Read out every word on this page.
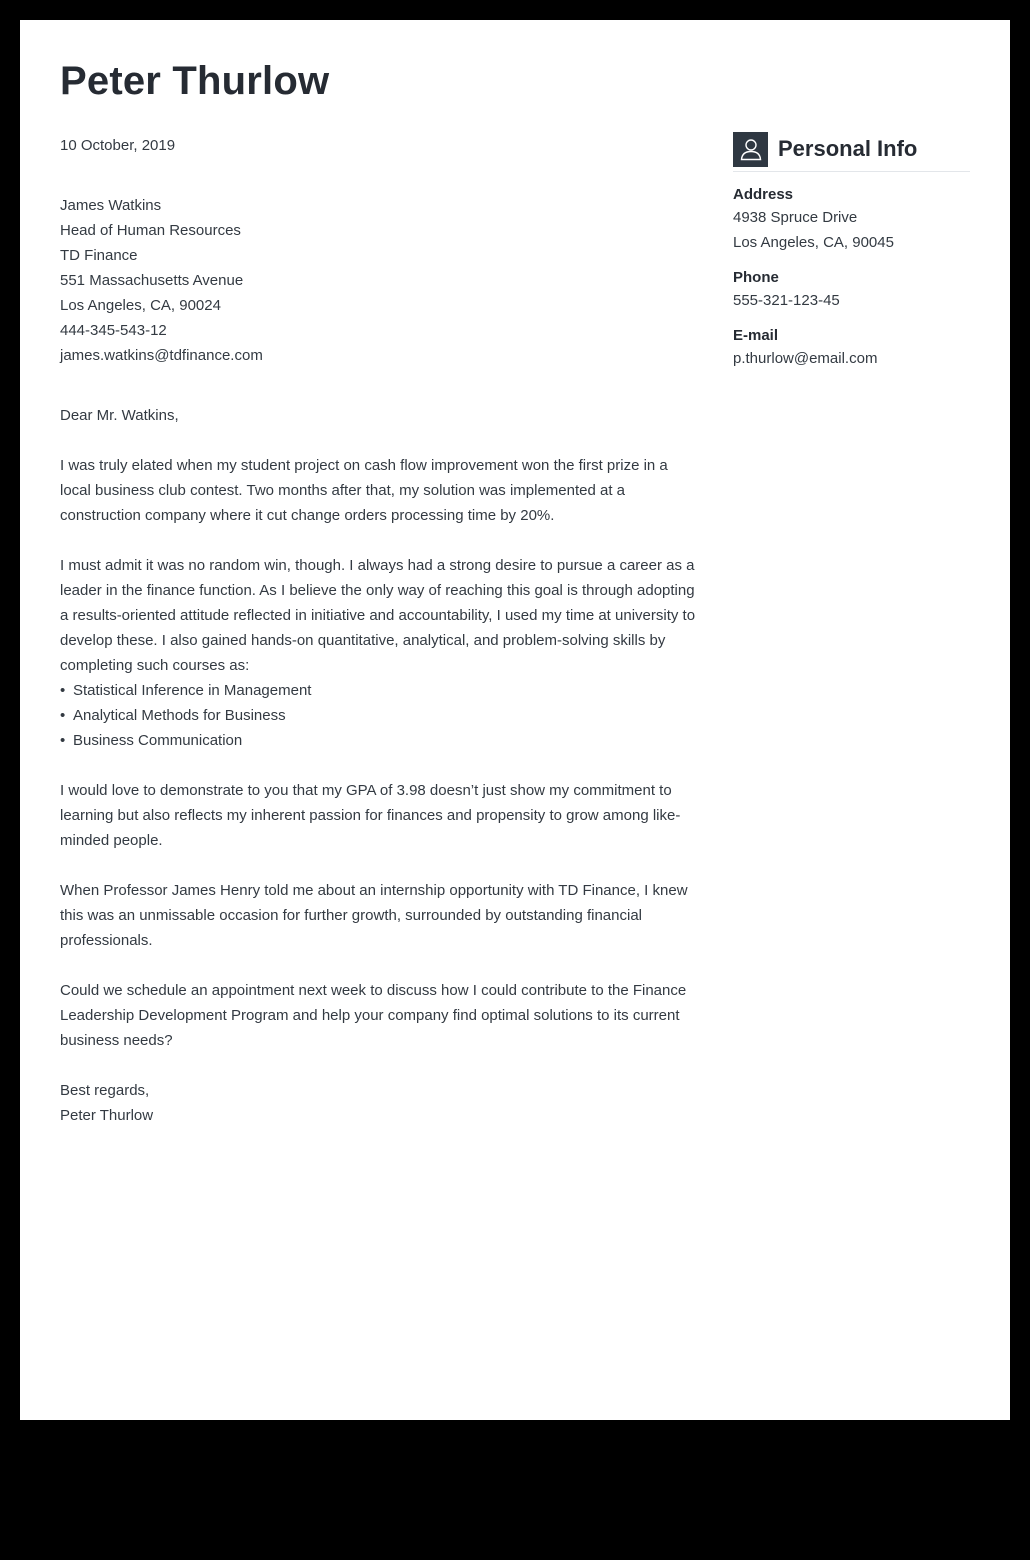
Peter Thurlow

10 October, 2019

James Watkins
Head of Human Resources
TD Finance
551 Massachusetts Avenue
Los Angeles, CA, 90024
444-345-543-12
james.watkins@tdfinance.com

Dear Mr. Watkins,

I was truly elated when my student project on cash flow improvement won the first prize in a local business club contest. Two months after that, my solution was implemented at a construction company where it cut change orders processing time by 20%.

I must admit it was no random win, though. I always had a strong desire to pursue a career as a leader in the finance function. As I believe the only way of reaching this goal is through adopting a results-oriented attitude reflected in initiative and accountability, I used my time at university to develop these. I also gained hands-on quantitative, analytical, and problem-solving skills by completing such courses as:

• Statistical Inference in Management
• Analytical Methods for Business
• Business Communication

I would love to demonstrate to you that my GPA of 3.98 doesn’t just show my commitment to learning but also reflects my inherent passion for finances and propensity to grow among like-minded people.

When Professor James Henry told me about an internship opportunity with TD Finance, I knew this was an unmissable occasion for further growth, surrounded by outstanding financial professionals.

Could we schedule an appointment next week to discuss how I could contribute to the Finance Leadership Development Program and help your company find optimal solutions to its current business needs?

Best regards,
Peter Thurlow
Personal Info
Address
4938 Spruce Drive
Los Angeles, CA, 90045
Phone
555-321-123-45
E-mail
p.thurlow@email.com
